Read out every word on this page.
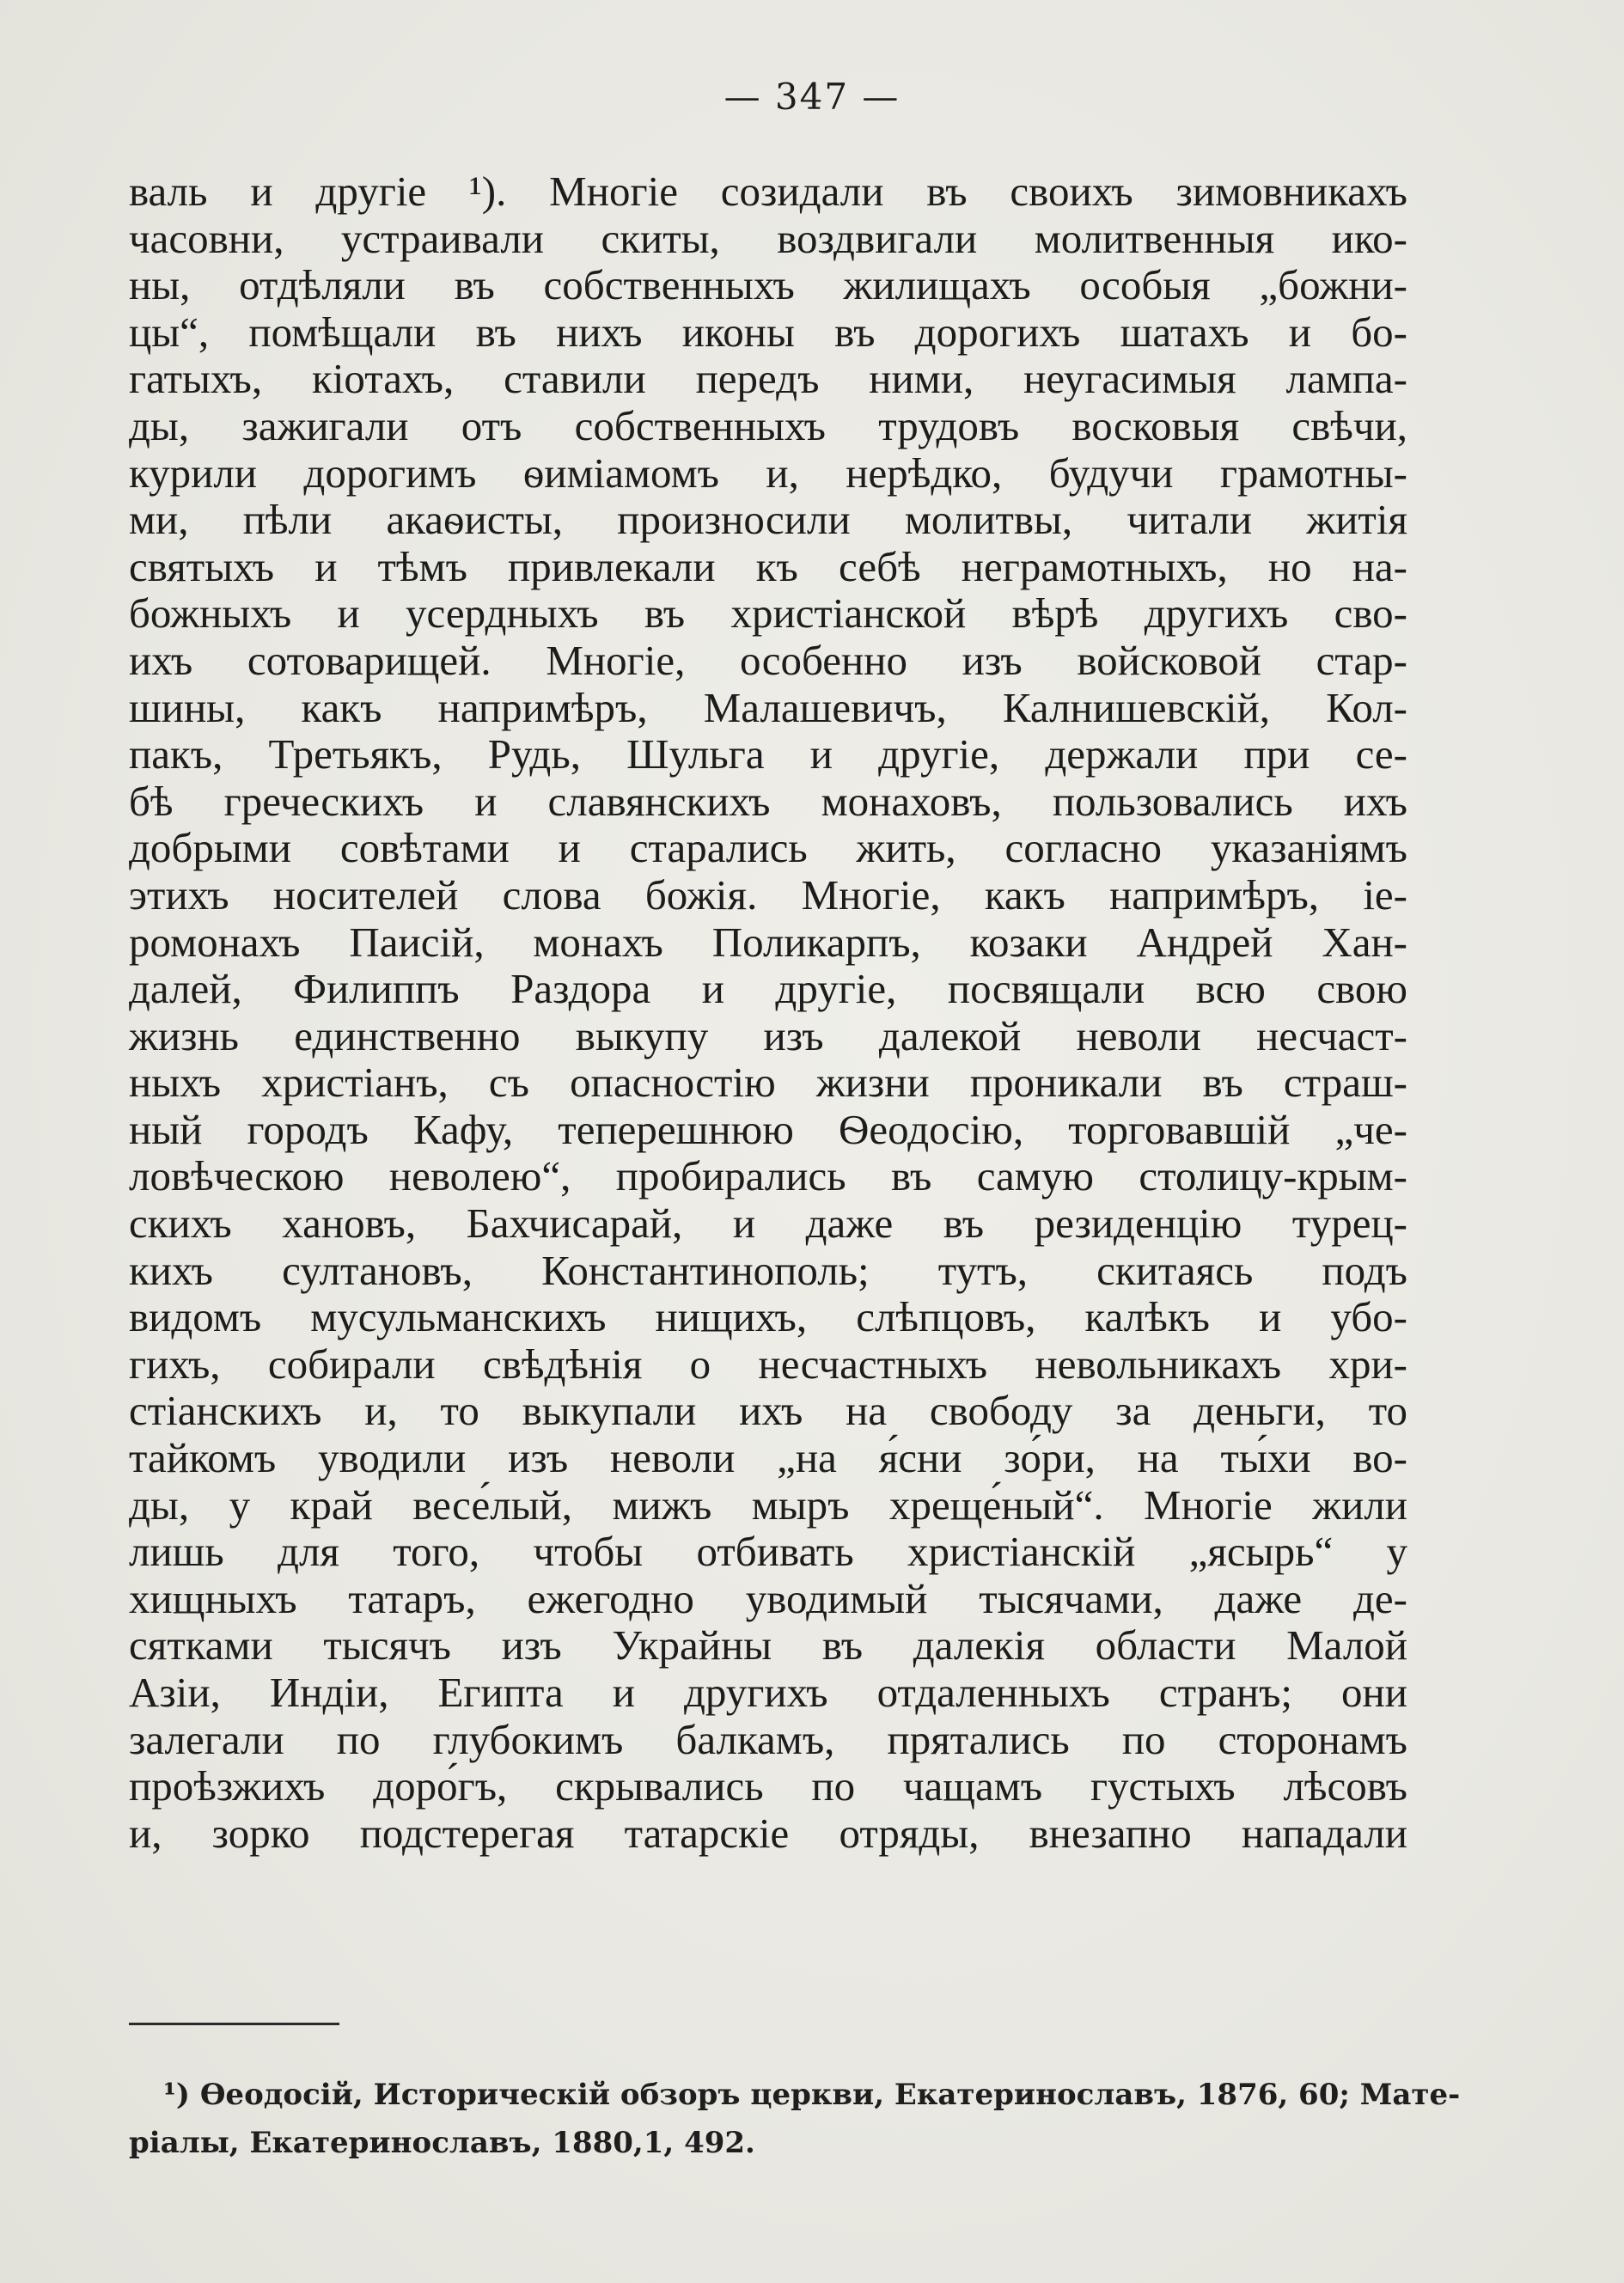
— 347 —
валь и другіе ¹). Многіе созидали въ своихъ зимовникахъ
часовни, устраивали скиты, воздвигали молитвенныя ико-
ны, отдѣляли въ собственныхъ жилищахъ особыя „божни-
цы“, помѣщали въ нихъ иконы въ дорогихъ шатахъ и бо-
гатыхъ, кіотахъ, ставили передъ ними, неугасимыя лампа-
ды, зажигали отъ собственныхъ трудовъ восковыя свѣчи,
курили дорогимъ ѳиміамомъ и, нерѣдко, будучи грамотны-
ми, пѣли акаѳисты, произносили молитвы, читали житія
святыхъ и тѣмъ привлекали къ себѣ неграмотныхъ, но на-
божныхъ и усердныхъ въ христіанской вѣрѣ другихъ сво-
ихъ сотоварищей. Многіе, особенно изъ войсковой стар-
шины, какъ напримѣръ, Малашевичъ, Калнишевскій, Кол-
пакъ, Третьякъ, Рудь, Шульга и другіе, держали при се-
бѣ греческихъ и славянскихъ монаховъ, пользовались ихъ
добрыми совѣтами и старались жить, согласно указаніямъ
этихъ носителей слова божія. Многіе, какъ напримѣръ, іе-
ромонахъ Паисій, монахъ Поликарпъ, козаки Андрей Хан-
далей, Филиппъ Раздора и другіе, посвящали всю свою
жизнь единственно выкупу изъ далекой неволи несчаст-
ныхъ христіанъ, съ опасностію жизни проникали въ страш-
ный городъ Кафу, теперешнюю Ѳеодосію, торговавшій „че-
ловѣческою неволею“, пробирались въ самую столицу-крым-
скихъ хановъ, Бахчисарай, и даже въ резиденцію турец-
кихъ султановъ, Константинополь; тутъ, скитаясь подъ
видомъ мусульманскихъ нищихъ, слѣпцовъ, калѣкъ и убо-
гихъ, собирали свѣдѣнія о несчастныхъ невольникахъ хри-
стіанскихъ и, то выкупали ихъ на свободу за деньги, то
тайкомъ уводили изъ неволи „на я́сни зо́ри, на ты́хи во-
ды, у край весе́лый, мижъ мыръ хреще́ный“. Многіе жили
лишь для того, чтобы отбивать христіанскій „ясырь“ у
хищныхъ татаръ, ежегодно уводимый тысячами, даже де-
сятками тысячъ изъ Украйны въ далекія области Малой
Азіи, Индіи, Египта и другихъ отдаленныхъ странъ; они
залегали по глубокимъ балкамъ, прятались по сторонамъ
проѣзжихъ доро́гъ, скрывались по чащамъ густыхъ лѣсовъ
и, зорко подстерегая татарскіе отряды, внезапно нападали
¹) Ѳеодосій, Историческій обзоръ церкви, Екатеринославъ, 1876, 60; Мате-
ріалы, Екатеринославъ, 1880,1, 492.
